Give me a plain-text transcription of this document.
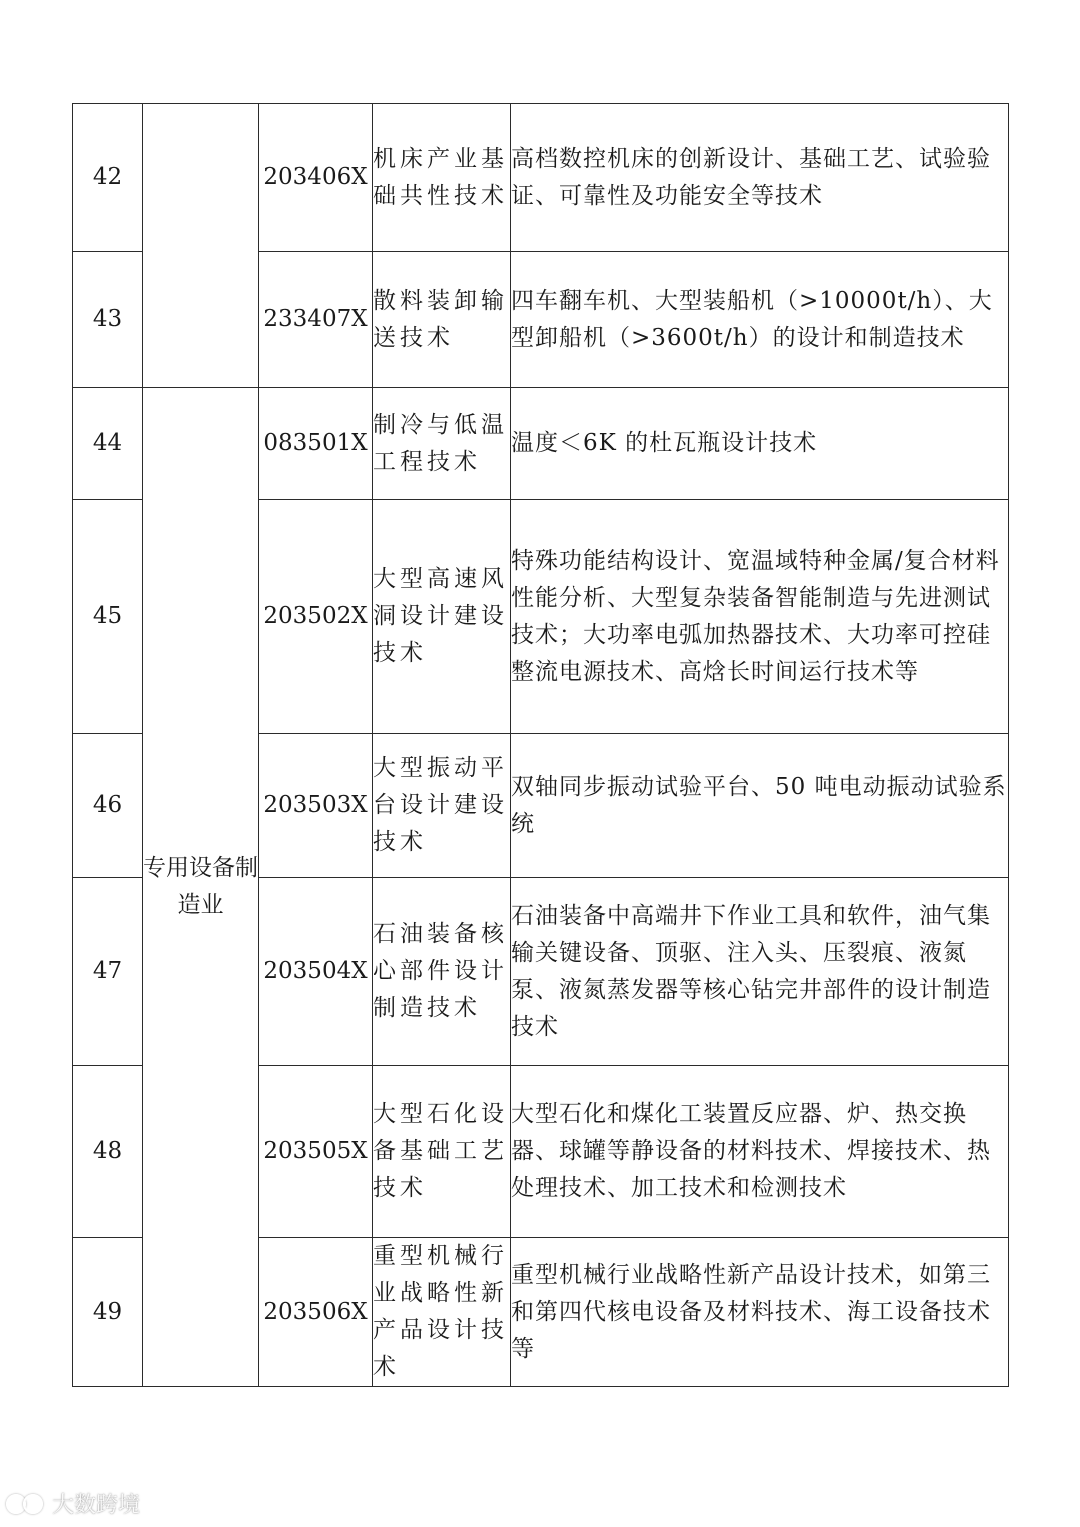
42		203406X	机床产业基础共性技术	高档数控机床的创新设计、基础工艺、试验验证、可靠性及功能安全等技术
43		233407X	散料装卸输送技术	四车翻车机、大型装船机（>10000t/h）、大型卸船机（>3600t/h）的设计和制造技术
44	专用设备制造业	083501X	制冷与低温工程技术	温度＜6K 的杜瓦瓶设计技术
45		203502X	大型高速风洞设计建设技术	特殊功能结构设计、宽温域特种金属/复合材料性能分析、大型复杂装备智能制造与先进测试技术；大功率电弧加热器技术、大功率可控硅整流电源技术、高焓长时间运行技术等
46		203503X	大型振动平台设计建设技术	双轴同步振动试验平台、50 吨电动振动试验系统
47		203504X	石油装备核心部件设计制造技术	石油装备中高端井下作业工具和软件，油气集输关键设备、顶驱、注入头、压裂痕、液氮泵、液氮蒸发器等核心钻完井部件的设计制造技术
48		203505X	大型石化设备基础工艺技术	大型石化和煤化工装置反应器、炉、热交换器、球罐等静设备的材料技术、焊接技术、热处理技术、加工技术和检测技术
49		203506X	重型机械行业战略性新产品设计技术	重型机械行业战略性新产品设计技术，如第三和第四代核电设备及材料技术、海工设备技术等
大数跨境
